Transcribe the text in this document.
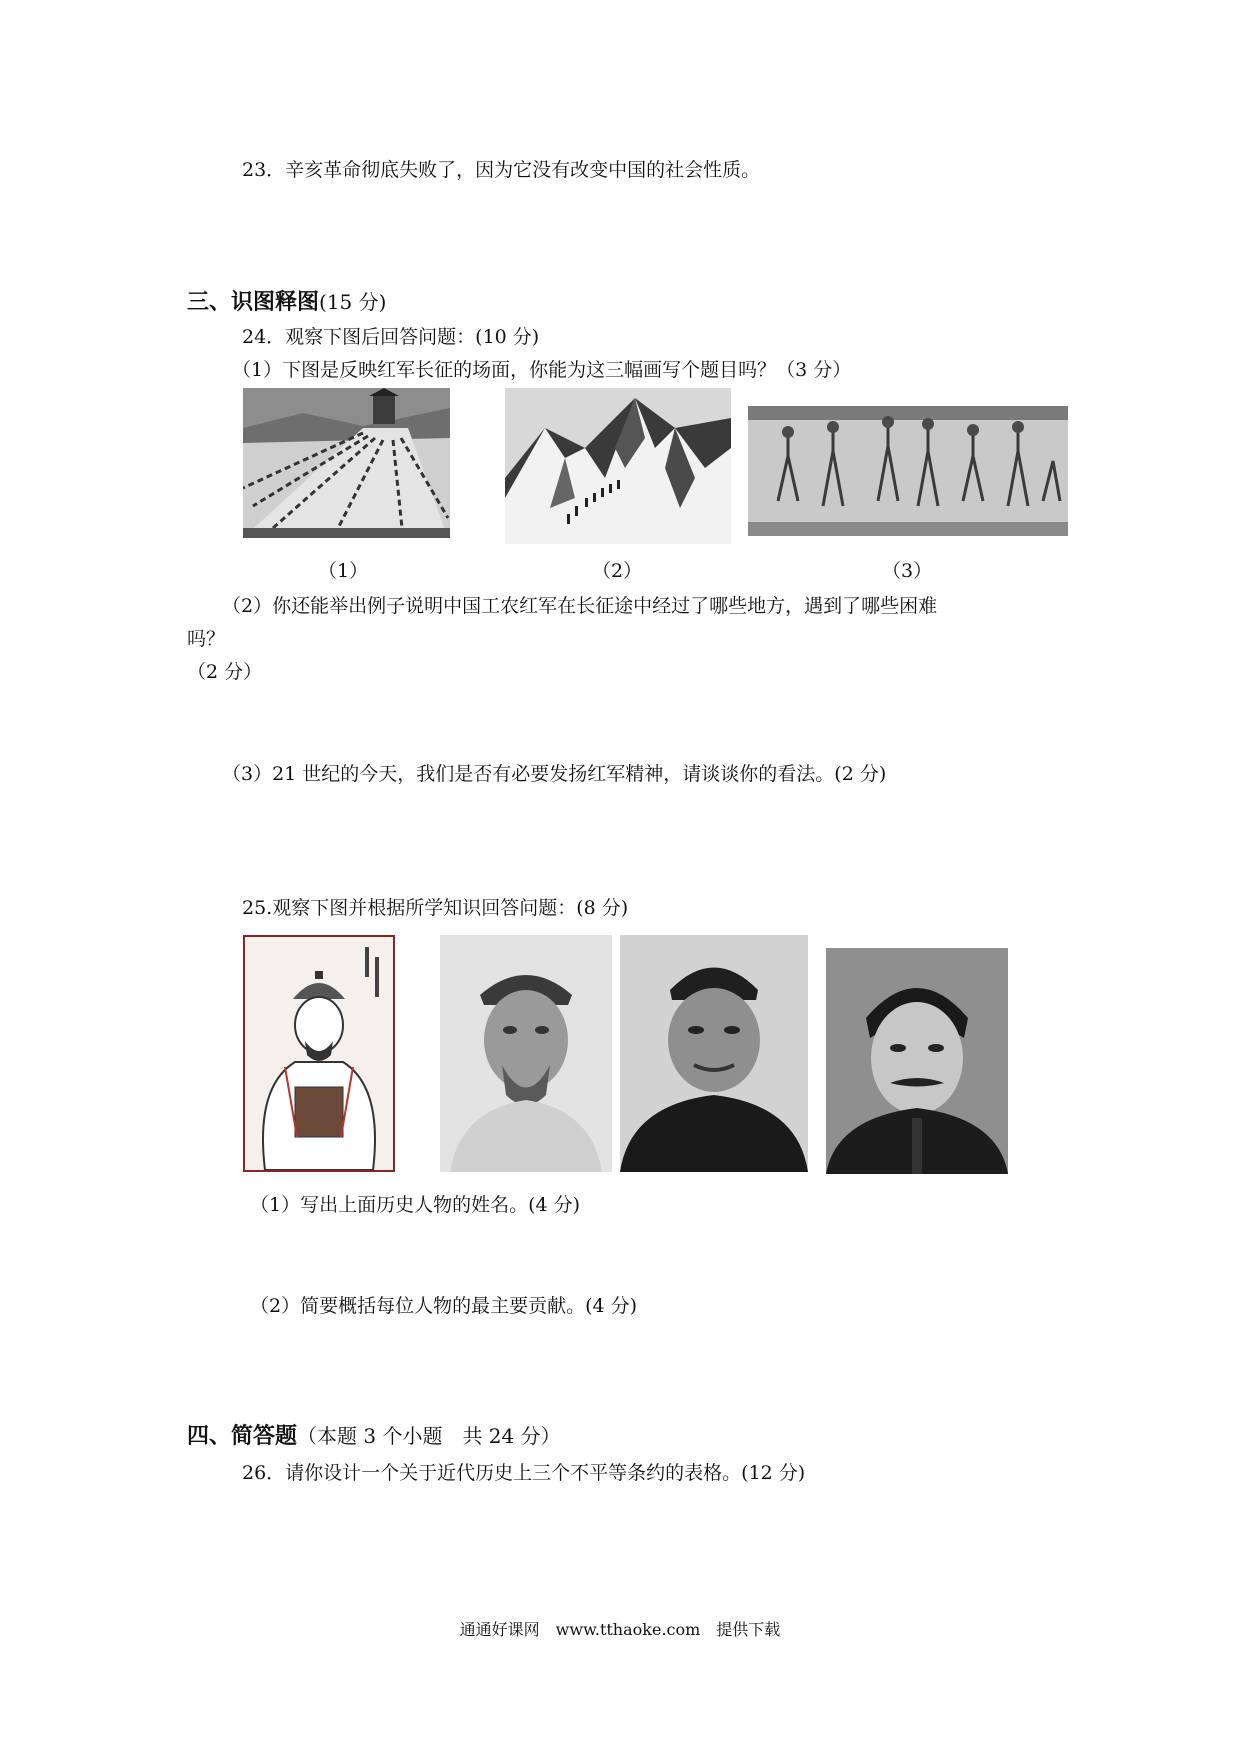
23．辛亥革命彻底失败了，因为它没有改变中国的社会性质。
三、识图释图(15 分)
24．观察下图后回答问题：(10 分)
（1）下图是反映红军长征的场面，你能为这三幅画写个题目吗？（3 分）
（1）	（2）	（3）
（2）你还能举出例子说明中国工农红军在长征途中经过了哪些地方，遇到了哪些困难
吗？
（2 分）
（3）21 世纪的今天，我们是否有必要发扬红军精神，请谈谈你的看法。(2 分)
25.观察下图并根据所学知识回答问题：(8 分)
（1）写出上面历史人物的姓名。(4 分)
（2）简要概括每位人物的最主要贡献。(4 分)
四、简答题（本题 3 个小题　共 24 分）
26．请你设计一个关于近代历史上三个不平等条约的表格。(12 分)
通通好课网　www.tthaoke.com　提供下载
